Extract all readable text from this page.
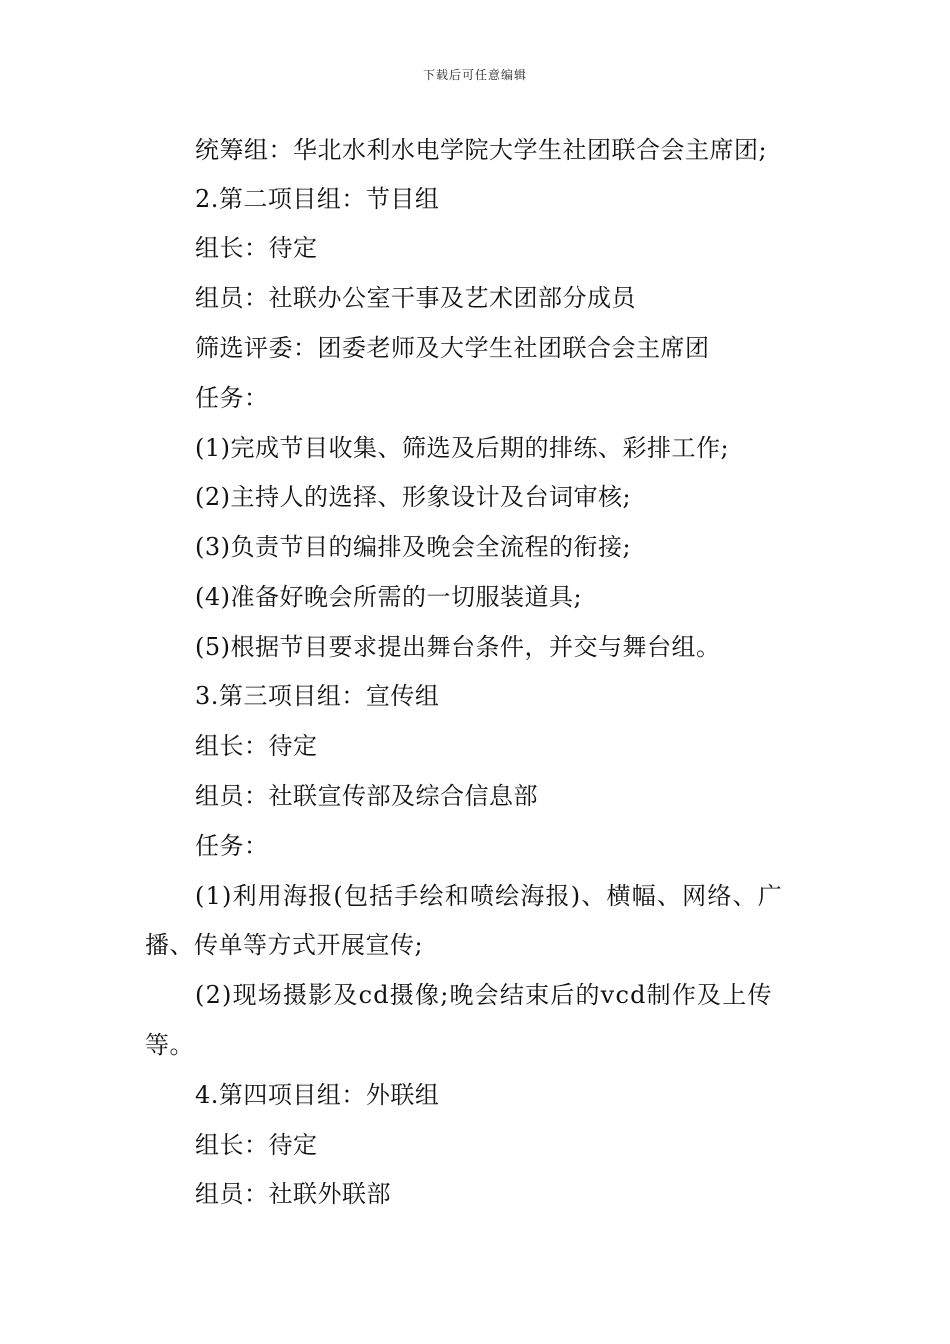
下载后可任意编辑
统筹组：华北水利水电学院大学生社团联合会主席团;
2.第二项目组：节目组
组长：待定
组员：社联办公室干事及艺术团部分成员
筛选评委：团委老师及大学生社团联合会主席团
任务：
(1)完成节目收集、筛选及后期的排练、彩排工作;
(2)主持人的选择、形象设计及台词审核;
(3)负责节目的编排及晚会全流程的衔接;
(4)准备好晚会所需的一切服装道具;
(5)根据节目要求提出舞台条件，并交与舞台组。
3.第三项目组：宣传组
组长：待定
组员：社联宣传部及综合信息部
任务：
(1)利用海报(包括手绘和喷绘海报)、横幅、网络、广
播、传单等方式开展宣传;
(2)现场摄影及cd摄像;晚会结束后的vcd制作及上传
等。
4.第四项目组：外联组
组长：待定
组员：社联外联部
